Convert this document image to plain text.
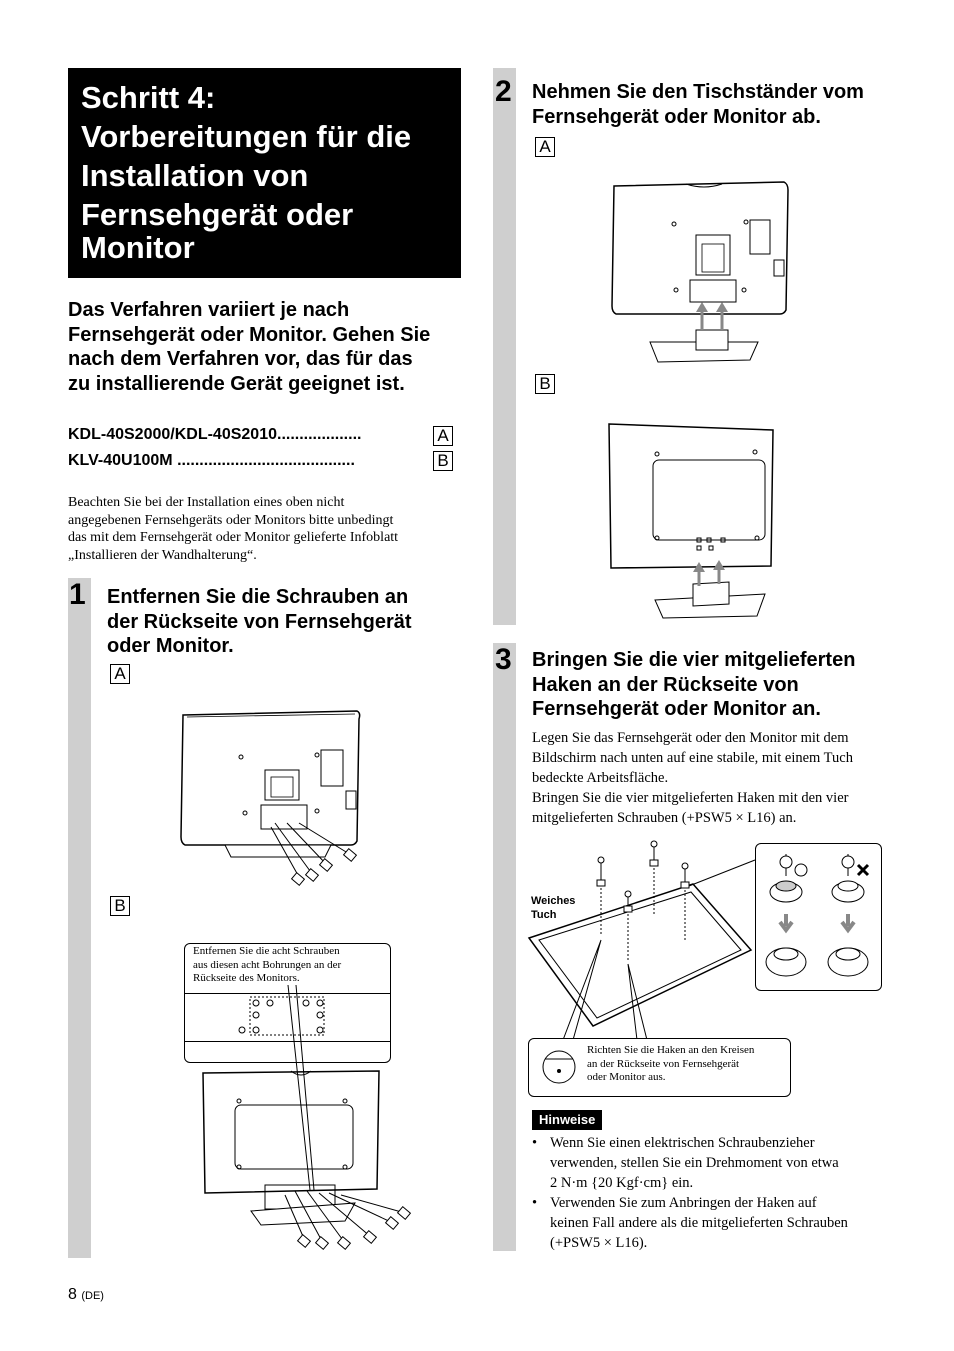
Schritt 4:
Vorbereitungen für die
Installation von
Fernsehgerät oder
Monitor
Das Verfahren variiert je nach
Fernsehgerät oder Monitor. Gehen Sie
nach dem Verfahren vor, das für das
zu installierende Gerät geeignet ist.
KDL-40S2000/KDL-40S2010...................	A
KLV-40U100M ........................................	B
Beachten Sie bei der Installation eines oben nicht
angegebenen Fernsehgeräts oder Monitors bitte unbedingt
das mit dem Fernsehgerät oder Monitor gelieferte Infoblatt
„Installieren der Wandhalterung“.
1 Entfernen Sie die Schrauben an
der Rückseite von Fernsehgerät
oder Monitor.
A
B
Entfernen Sie die acht Schrauben
aus diesen acht Bohrungen an der
Rückseite des Monitors.
2 Nehmen Sie den Tischständer vom
Fernsehgerät oder Monitor ab.
A
B
3 Bringen Sie die vier mitgelieferten
Haken an der Rückseite von
Fernsehgerät oder Monitor an.
Legen Sie das Fernsehgerät oder den Monitor mit dem
Bildschirm nach unten auf eine stabile, mit einem Tuch
bedeckte Arbeitsfläche.
Bringen Sie die vier mitgelieferten Haken mit den vier
mitgelieferten Schrauben (+PSW5 × L16) an.
Weiches
Tuch
Richten Sie die Haken an den Kreisen
an der Rückseite von Fernsehgerät
oder Monitor aus.
Hinweise
• Wenn Sie einen elektrischen Schraubenzieher
verwenden, stellen Sie ein Drehmoment von etwa
2 N·m {20 Kgf·cm} ein.
• Verwenden Sie zum Anbringen der Haken auf
keinen Fall andere als die mitgelieferten Schrauben
(+PSW5 × L16).
8 (DE)
